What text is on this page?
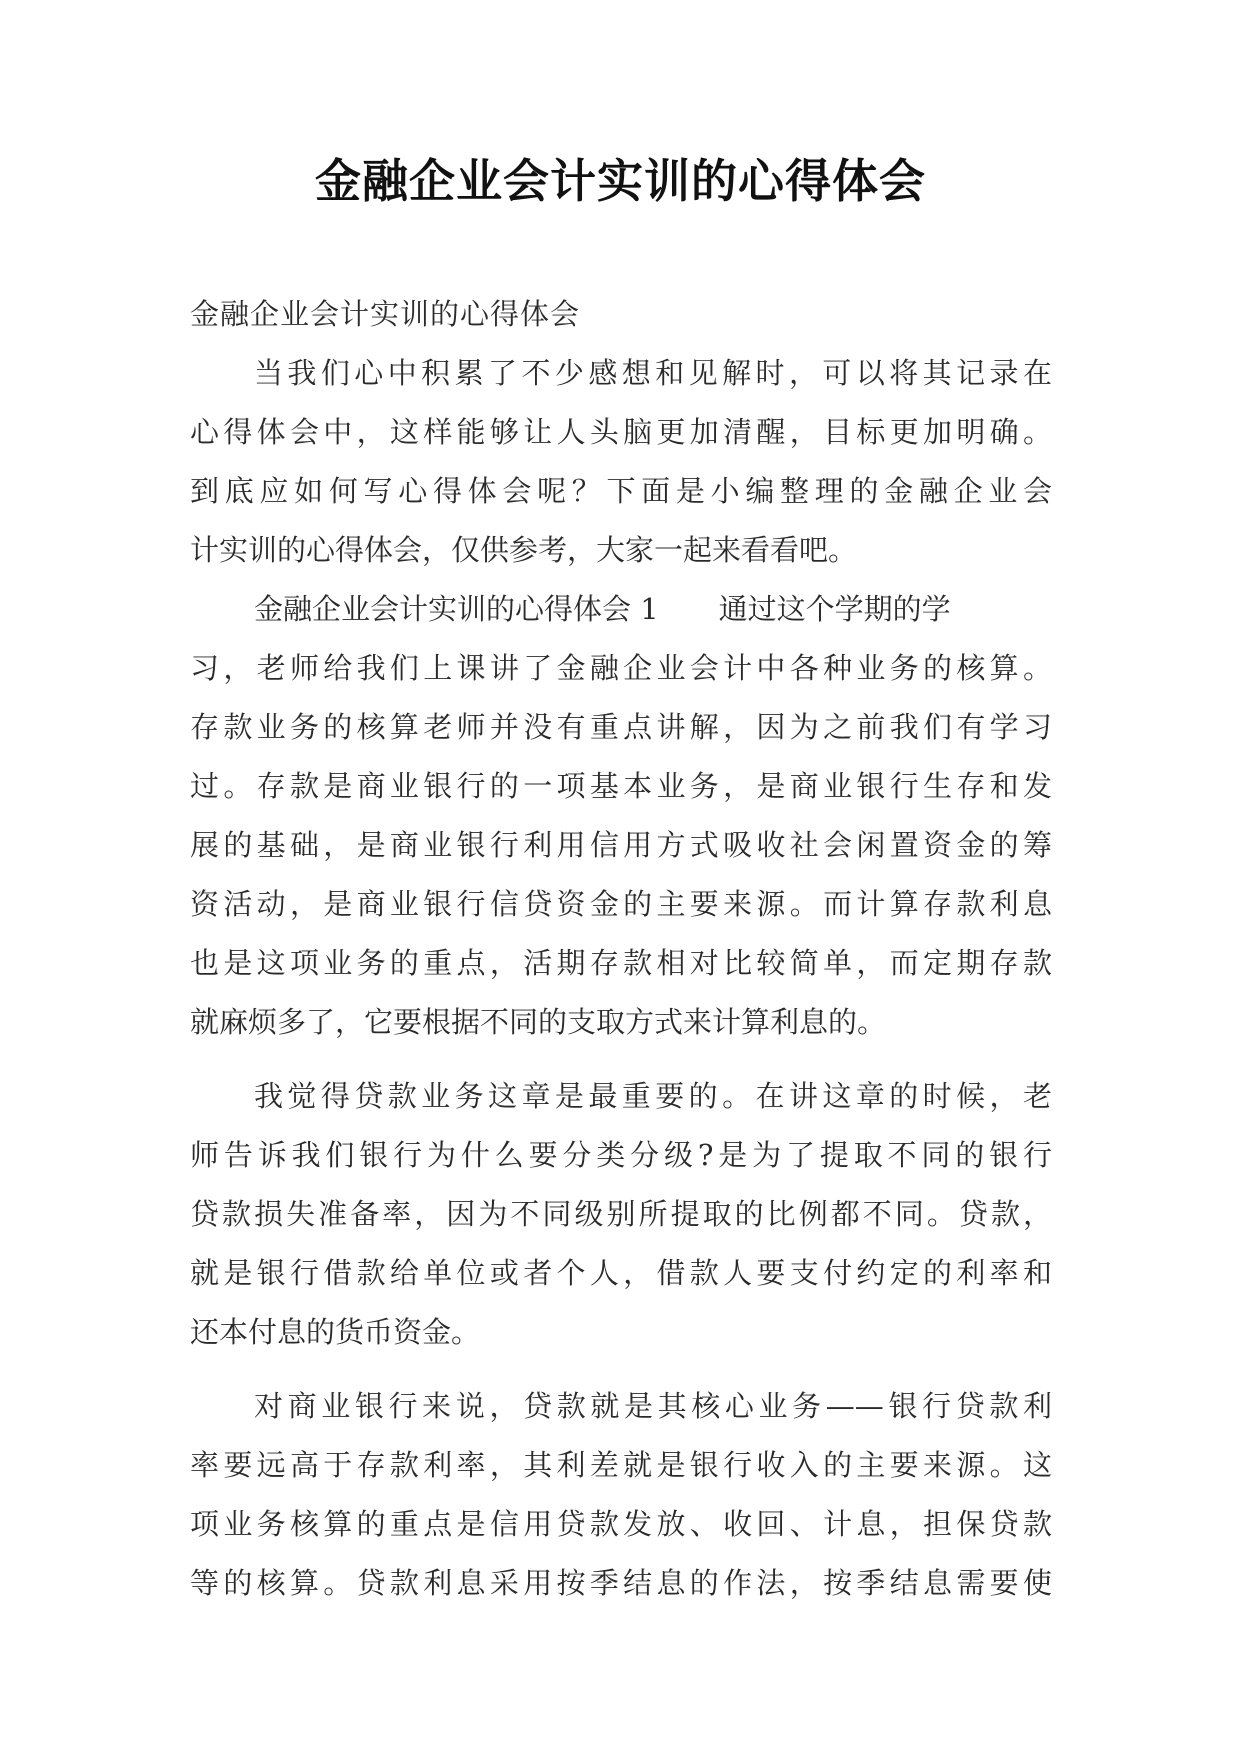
金融企业会计实训的心得体会
金融企业会计实训的心得体会
当我们心中积累了不少感想和见解时，可以将其记录在
心得体会中，这样能够让人头脑更加清醒，目标更加明确。
到底应如何写心得体会呢？下面是小编整理的金融企业会
计实训的心得体会，仅供参考，大家一起来看看吧。
金融企业会计实训的心得体会 1 通过这个学期的学
习，老师给我们上课讲了金融企业会计中各种业务的核算。
存款业务的核算老师并没有重点讲解，因为之前我们有学习
过。存款是商业银行的一项基本业务，是商业银行生存和发
展的基础，是商业银行利用信用方式吸收社会闲置资金的筹
资活动，是商业银行信贷资金的主要来源。而计算存款利息
也是这项业务的重点，活期存款相对比较简单，而定期存款
就麻烦多了，它要根据不同的支取方式来计算利息的。
我觉得贷款业务这章是最重要的。在讲这章的时候，老
师告诉我们银行为什么要分类分级?是为了提取不同的银行
贷款损失准备率，因为不同级别所提取的比例都不同。贷款，
就是银行借款给单位或者个人，借款人要支付约定的利率和
还本付息的货币资金。
对商业银行来说，贷款就是其核心业务——银行贷款利
率要远高于存款利率，其利差就是银行收入的主要来源。这
项业务核算的重点是信用贷款发放、收回、计息，担保贷款
等的核算。贷款利息采用按季结息的作法，按季结息需要使
